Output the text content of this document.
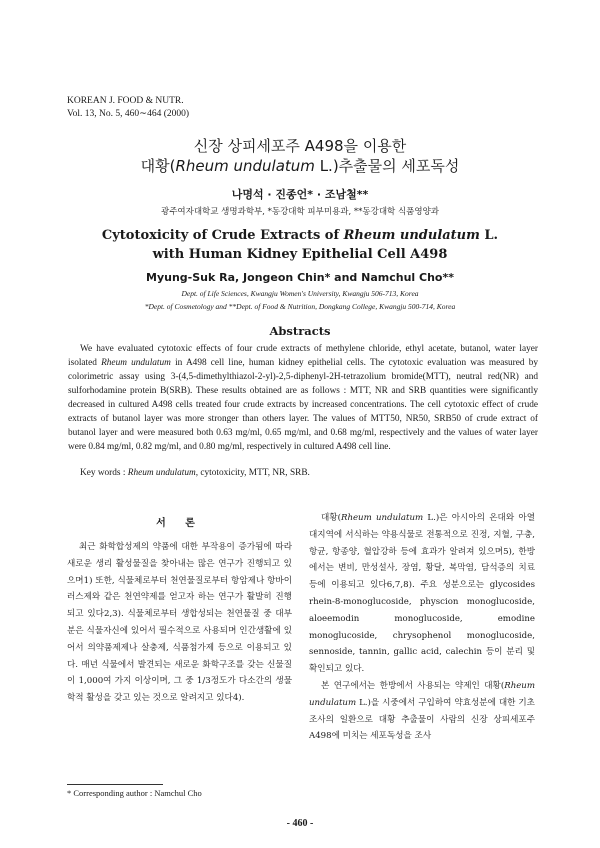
KOREAN J. FOOD & NUTR.
Vol. 13, No. 5, 460∼464 (2000)
신장 상피세포주 A498을 이용한
대황(Rheum undulatum L.)추출물의 세포독성
나명석 · 진종언* · 조남철**
광주여자대학교 생명과학부, *동강대학 피부미용과, **동강대학 식품영양과
Cytotoxicity of Crude Extracts of Rheum undulatum L.
with Human Kidney Epithelial Cell A498
Myung-Suk Ra, Jongeon Chin* and Namchul Cho**
Dept. of Life Sciences, Kwangju Women's University, Kwangju 506-713, Korea
*Dept. of Cosmetology and **Dept. of Food & Nutrition, Dongkang College, Kwangju 500-714, Korea
Abstracts
We have evaluated cytotoxic effects of four crude extracts of methylene chloride, ethyl acetate, butanol, water layer isolated Rheum undulatum in A498 cell line, human kidney epithelial cells. The cytotoxic evaluation was measured by colorimetric assay using 3-(4,5-dimethylthiazol-2-yl)-2,5-diphenyl-2H-tetrazolium bromide(MTT), neutral red(NR) and sulforhodamine protein B(SRB). These results obtained are as follows : MTT, NR and SRB quantities were significantly decreased in cultured A498 cells treated four crude extracts by increased concentrations. The cell cytotoxic effect of crude extracts of butanol layer was more stronger than others layer. The values of MTT50, NR50, SRB50 of crude extract of butanol layer and were measured both 0.63 mg/ml, 0.65 mg/ml, and 0.68 mg/ml, respectively and the values of water layer were 0.84 mg/ml, 0.82 mg/ml, and 0.80 mg/ml, respectively in cultured A498 cell line.
Key words : Rheum undulatum, cytotoxicity, MTT, NR, SRB.
서 론

최근 화학합성제의 약품에 대한 부작용이 증가됨에 따라 새로운 생리 활성물질을 찾아내는 많은 연구가 진행되고 있으며1) 또한, 식물체로부터 천연물질로부터 항암제나 항바이러스제와 같은 천연약제를 얻고자 하는 연구가 활발히 진행되고 있다2,3). 식물체로부터 생합성되는 천연물질 중 대부분은 식물자신에 있어서 필수적으로 사용되며 인간생활에 있어서 의약품제제나 살충제, 식품첨가제 등으로 이용되고 있다. 매년 식물에서 발견되는 새로운 화학구조를 갖는 신물질이 1,000여 가지 이상이며, 그 중 1/3정도가 다소간의 생물학적 활성을 갖고 있는 것으로 알려지고 있다4).

대황(Rheum undulatum L.)은 아시아의 온대와 아열대지역에 서식하는 약용식물로 전통적으로 진정, 지혈, 구충, 항균, 항종양, 혈압강하 등에 효과가 알려져 있으며5), 한방에서는 변비, 만성설사, 장염, 황달, 복막염, 담석증의 치료 등에 이용되고 있다6,7,8). 주요 성분으로는 glycosides rhein-8-monoglucoside, physcion monoglucoside, aloeemodin monoglucoside, emodine monoglucoside, chrysophenol monoglucoside, sennoside, tannin, gallic acid, calechin 등이 분리 및 확인되고 있다.

본 연구에서는 한방에서 사용되는 약제인 대황(Rheum undulatum L.)을 시중에서 구입하여 약효성분에 대한 기초 조사의 일환으로 대황 추출물이 사람의 신장 상피세포주 A498에 미치는 세포독성을 조사

* Corresponding author : Namchul Cho
- 460 -
